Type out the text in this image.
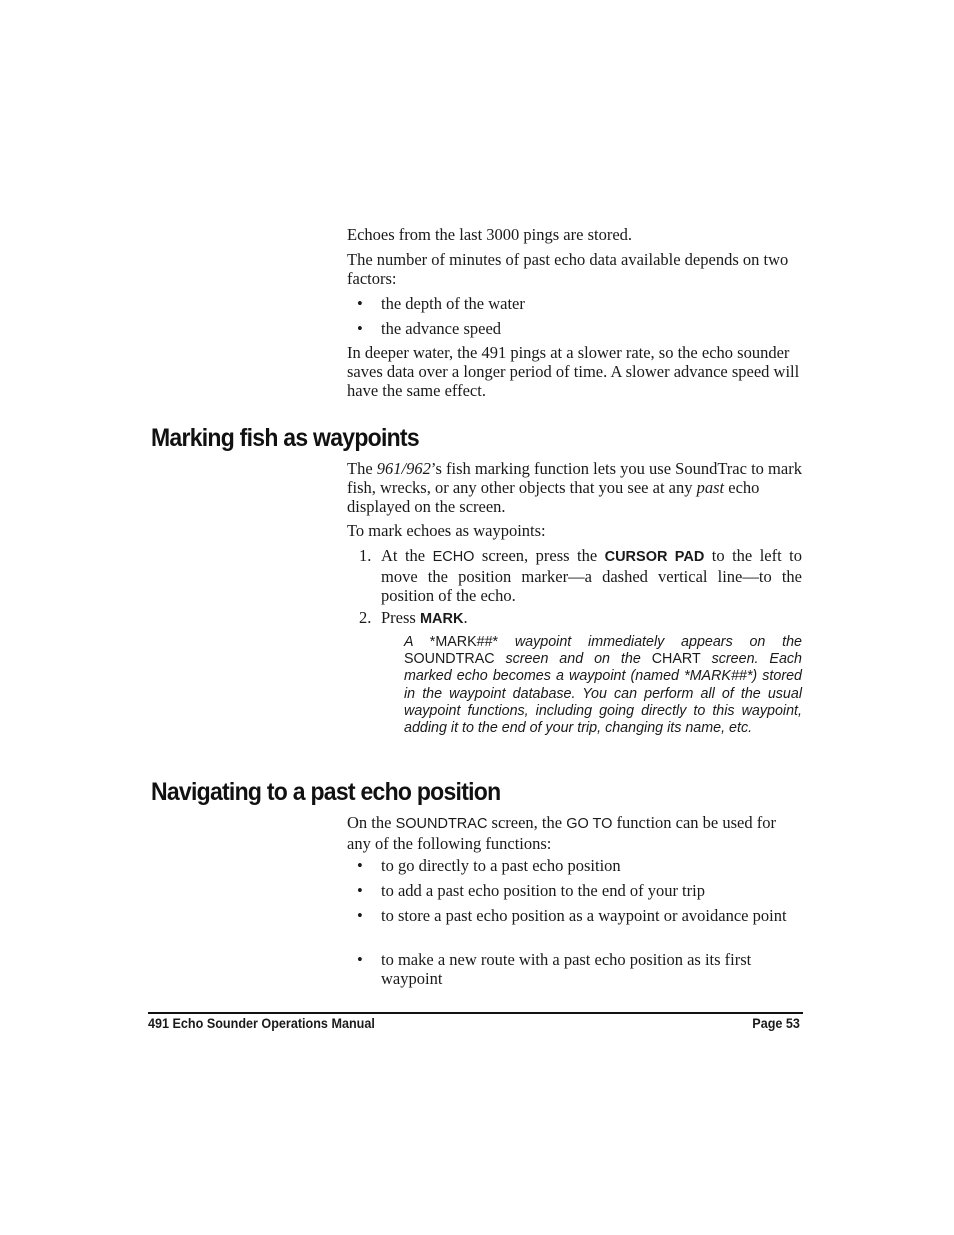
Echoes from the last 3000 pings are stored.

The number of minutes of past echo data available depends on two factors:

• the depth of the water
• the advance speed

In deeper water, the 491 pings at a slower rate, so the echo sounder saves data over a longer period of time. A slower advance speed will have the same effect.

Marking fish as waypoints

The 961/962’s fish marking function lets you use SoundTrac to mark fish, wrecks, or any other objects that you see at any past echo displayed on the screen.

To mark echoes as waypoints:

1. At the ECHO screen, press the CURSOR PAD to the left to move the position marker—a dashed vertical line—to the position of the echo.
2. Press MARK.

A *MARK##* waypoint immediately appears on the SOUNDTRAC screen and on the CHART screen. Each marked echo becomes a waypoint (named *MARK##*) stored in the waypoint database. You can perform all of the usual waypoint functions, including going directly to this waypoint, adding it to the end of your trip, changing its name, etc.

Navigating to a past echo position

On the SOUNDTRAC screen, the GO TO function can be used for any of the following functions:

• to go directly to a past echo position
• to add a past echo position to the end of your trip
• to store a past echo position as a waypoint or avoidance point
• to make a new route with a past echo position as its first waypoint
491 Echo Sounder Operations Manual	Page 53
